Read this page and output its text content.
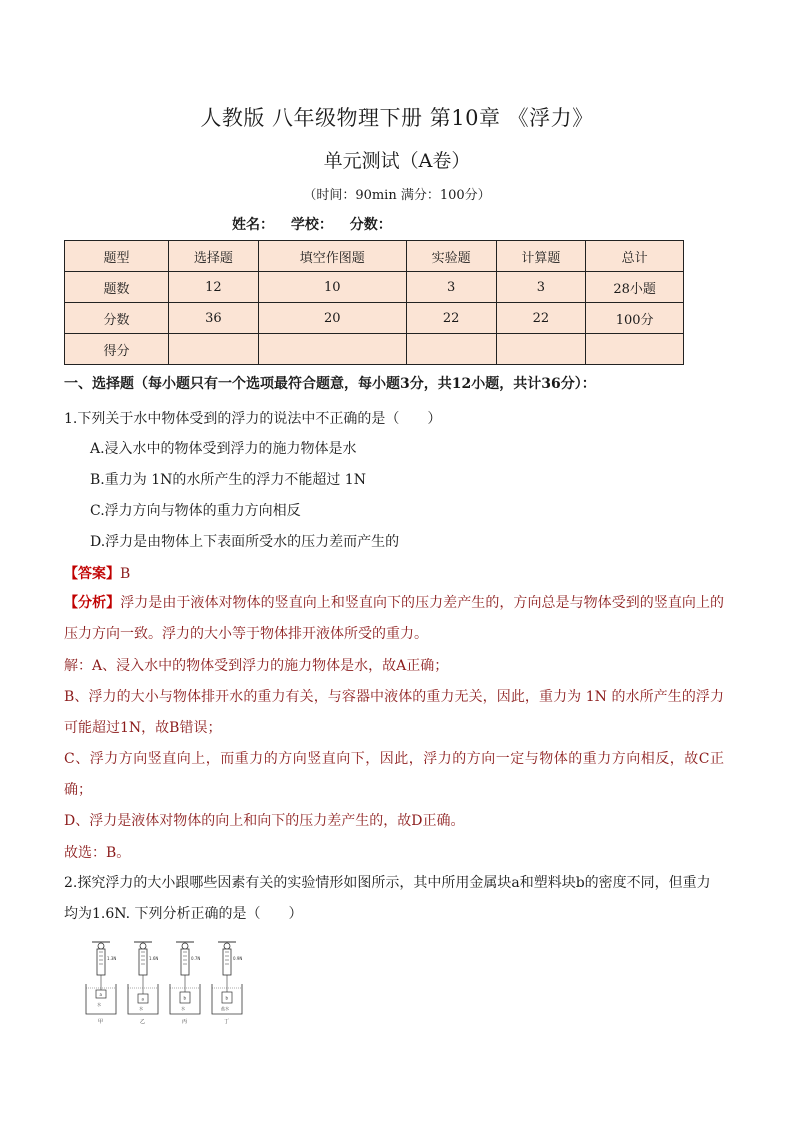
人教版 八年级物理下册 第10章 《浮力》
单元测试（A卷）
（时间：90min 满分：100分）
姓名： 学校： 分数：
题型	选择题	填空作图题	实验题	计算题	总计
题数	12	10	3	3	28小题
分数	36	20	22	22	100分
得分					
一、选择题（每小题只有一个选项最符合题意，每小题3分，共12小题，共计36分）：
1.下列关于水中物体受到的浮力的说法中不正确的是（　　）
A.浸入水中的物体受到浮力的施力物体是水
B.重力为 1N的水所产生的浮力不能超过 1N
C.浮力方向与物体的重力方向相反
D.浮力是由物体上下表面所受水的压力差而产生的
【答案】B
【分析】浮力是由于液体对物体的竖直向上和竖直向下的压力差产生的，方向总是与物体受到的竖直向上的压力方向一致。浮力的大小等于物体排开液体所受的重力。
解：A、浸入水中的物体受到浮力的施力物体是水，故A正确；
B、浮力的大小与物体排开水的重力有关，与容器中液体的重力无关，因此，重力为 1N 的水所产生的浮力可能超过1N，故B错误；
C、浮力方向竖直向上，而重力的方向竖直向下，因此，浮力的方向一定与物体的重力方向相反，故C正确；
D、浮力是液体对物体的向上和向下的压力差产生的，故D正确。
故选：B。
2.探究浮力的大小跟哪些因素有关的实验情形如图所示，其中所用金属块a和塑料块b的密度不同，但重力均为1.6N. 下列分析正确的是（　　）
1.3N
a
水
甲
1.6N
a
水
乙
0.7N
b
水
丙
0.9N
b
盐水
丁
